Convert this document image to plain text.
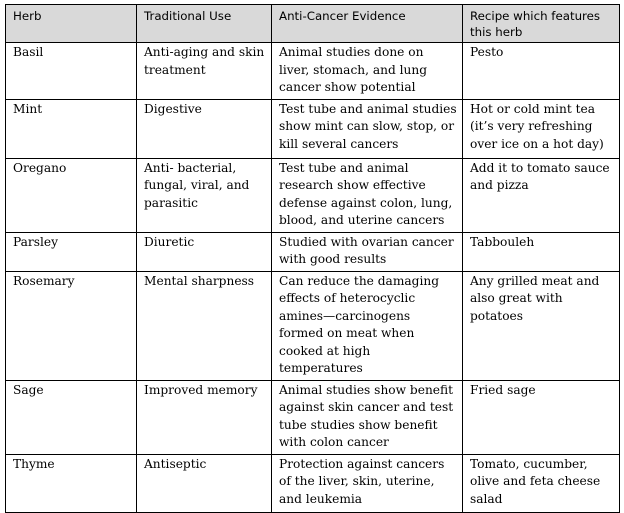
Herb	Traditional Use	Anti-Cancer Evidence	Recipe which features this herb
Basil	Anti-aging and skin treatment	Animal studies done on liver, stomach, and lung cancer show potential	Pesto
Mint	Digestive	Test tube and animal studies show mint can slow, stop, or kill several cancers	Hot or cold mint tea (it’s very refreshing over ice on a hot day)
Oregano	Anti- bacterial, fungal, viral, and parasitic	Test tube and animal research show effective defense against colon, lung, blood, and uterine cancers	Add it to tomato sauce and pizza
Parsley	Diuretic	Studied with ovarian cancer with good results	Tabbouleh
Rosemary	Mental sharpness	Can reduce the damaging effects of heterocyclic amines—carcinogens formed on meat when cooked at high temperatures	Any grilled meat and also great with potatoes
Sage	Improved memory	Animal studies show benefit against skin cancer and test tube studies show benefit with colon cancer	Fried sage
Thyme	Antiseptic	Protection against cancers of the liver, skin, uterine, and leukemia	Tomato, cucumber, olive and feta cheese salad
